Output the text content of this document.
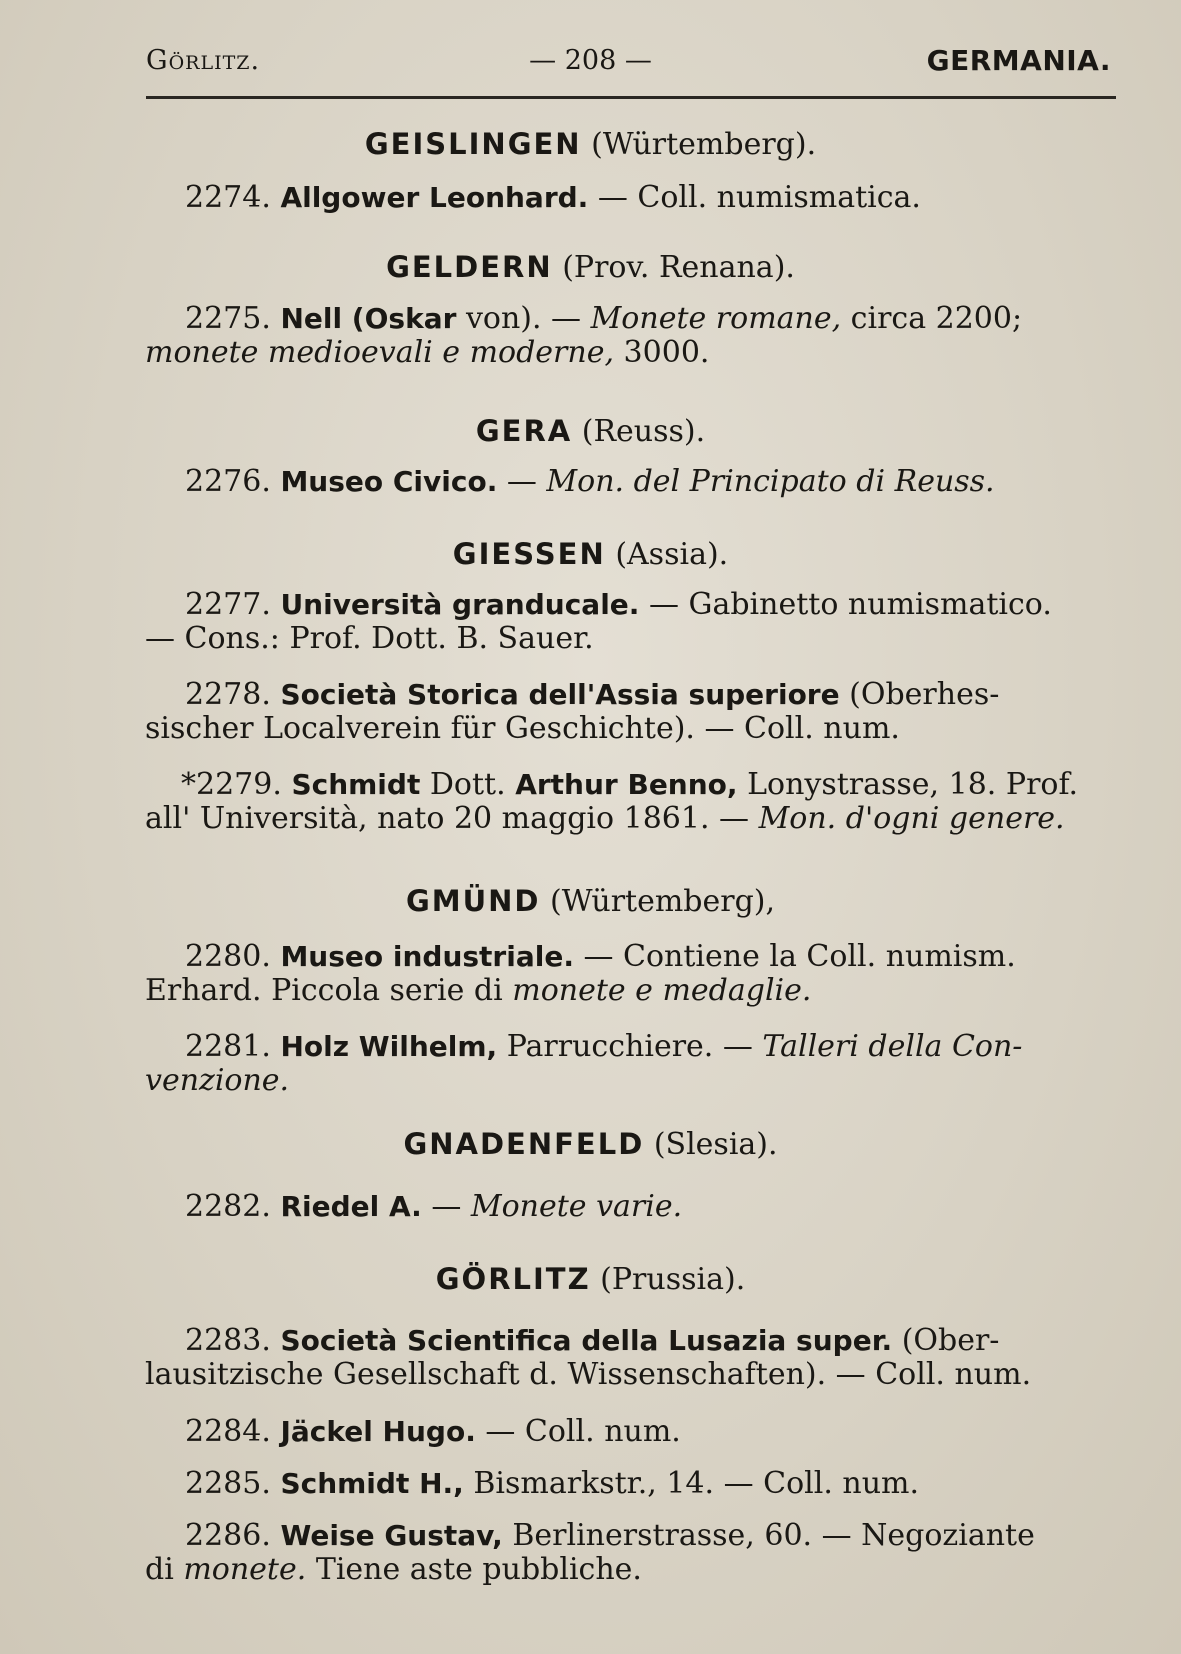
Görlitz.	— 208 —	GERMANIA.
GEISLINGEN (Würtemberg).
2274. Allgower Leonhard. — Coll. numismatica.
GELDERN (Prov. Renana).
2275. Nell (Oskar von). — Monete romane, circa 2200;
monete medioevali e moderne, 3000.
GERA (Reuss).
2276. Museo Civico. — Mon. del Principato di Reuss.
GIESSEN (Assia).
2277. Università granducale. — Gabinetto numismatico.
— Cons.: Prof. Dott. B. Sauer.
2278. Società Storica dell'Assia superiore (Oberhes-
sischer Localverein für Geschichte). — Coll. num.
*2279. Schmidt Dott. Arthur Benno, Lonystrasse, 18. Prof.
all' Università, nato 20 maggio 1861. — Mon. d'ogni genere.
GMÜND (Würtemberg),
2280. Museo industriale. — Contiene la Coll. numism.
Erhard. Piccola serie di monete e medaglie.
2281. Holz Wilhelm, Parrucchiere. — Talleri della Con-
venzione.
GNADENFELD (Slesia).
2282. Riedel A. — Monete varie.
GÖRLITZ (Prussia).
2283. Società Scientifica della Lusazia super. (Ober-
lausitzische Gesellschaft d. Wissenschaften). — Coll. num.
2284. Jäckel Hugo. — Coll. num.
2285. Schmidt H., Bismarkstr., 14. — Coll. num.
2286. Weise Gustav, Berlinerstrasse, 60. — Negoziante
di monete. Tiene aste pubbliche.
